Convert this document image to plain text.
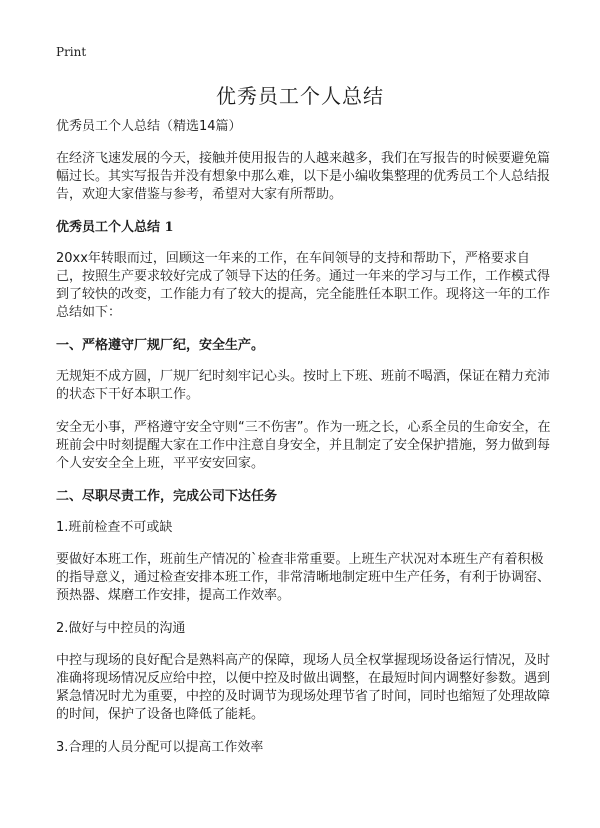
Print
优秀员工个人总结

优秀员工个人总结（精选14篇）

在经济飞速发展的今天，接触并使用报告的人越来越多，我们在写报告的时候要避免篇幅过长。其实写报告并没有想象中那么难，以下是小编收集整理的优秀员工个人总结报告，欢迎大家借鉴与参考，希望对大家有所帮助。

优秀员工个人总结 1

20xx年转眼而过，回顾这一年来的工作，在车间领导的支持和帮助下，严格要求自己，按照生产要求较好完成了领导下达的任务。通过一年来的学习与工作，工作模式得到了较快的改变，工作能力有了较大的提高，完全能胜任本职工作。现将这一年的工作总结如下：

一、严格遵守厂规厂纪，安全生产。

无规矩不成方圆，厂规厂纪时刻牢记心头。按时上下班、班前不喝酒，保证在精力充沛的状态下干好本职工作。

安全无小事，严格遵守安全守则“三不伤害”。作为一班之长，心系全员的生命安全，在班前会中时刻提醒大家在工作中注意自身安全，并且制定了安全保护措施，努力做到每个人安安全全上班，平平安安回家。

二、尽职尽责工作，完成公司下达任务
1.班前检查不可或缺

要做好本班工作，班前生产情况的`检查非常重要。上班生产状况对本班生产有着积极的指导意义，通过检查安排本班工作，非常清晰地制定班中生产任务，有利于协调窑、预热器、煤磨工作安排，提高工作效率。

2.做好与中控员的沟通

中控与现场的良好配合是熟料高产的保障，现场人员全权掌握现场设备运行情况，及时准确将现场情况反应给中控，以便中控及时做出调整，在最短时间内调整好参数。遇到紧急情况时尤为重要，中控的及时调节为现场处理节省了时间，同时也缩短了处理故障的时间，保护了设备也降低了能耗。

3.合理的人员分配可以提高工作效率
